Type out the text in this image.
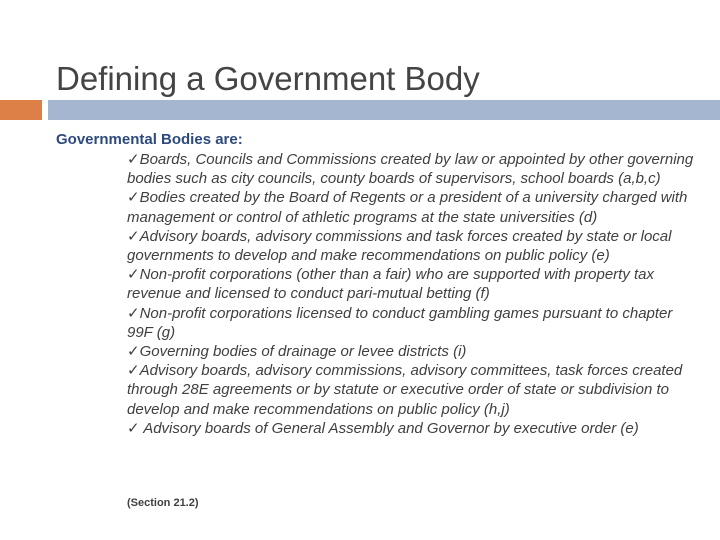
Defining a Government Body
Governmental Bodies are:
✓Boards, Councils and Commissions created by law or appointed by other governing bodies such as city councils, county boards of supervisors, school boards (a,b,c)
✓Bodies created by the Board of Regents or a president of a university charged with management or control of athletic programs at the state universities (d)
✓Advisory boards, advisory commissions and task forces created by state or local governments to develop and make recommendations on public policy (e)
✓Non-profit corporations (other than a fair) who are supported with property tax revenue and licensed to conduct pari-mutual betting (f)
✓Non-profit corporations licensed to conduct gambling games pursuant to chapter 99F (g)
✓Governing bodies of drainage or levee districts (i)
✓Advisory boards, advisory commissions, advisory committees, task forces created through 28E agreements or by statute or executive order of state or subdivision to develop and make recommendations on public policy (h,j)
✓ Advisory boards of General Assembly and Governor by executive order (e)
(Section 21.2)
